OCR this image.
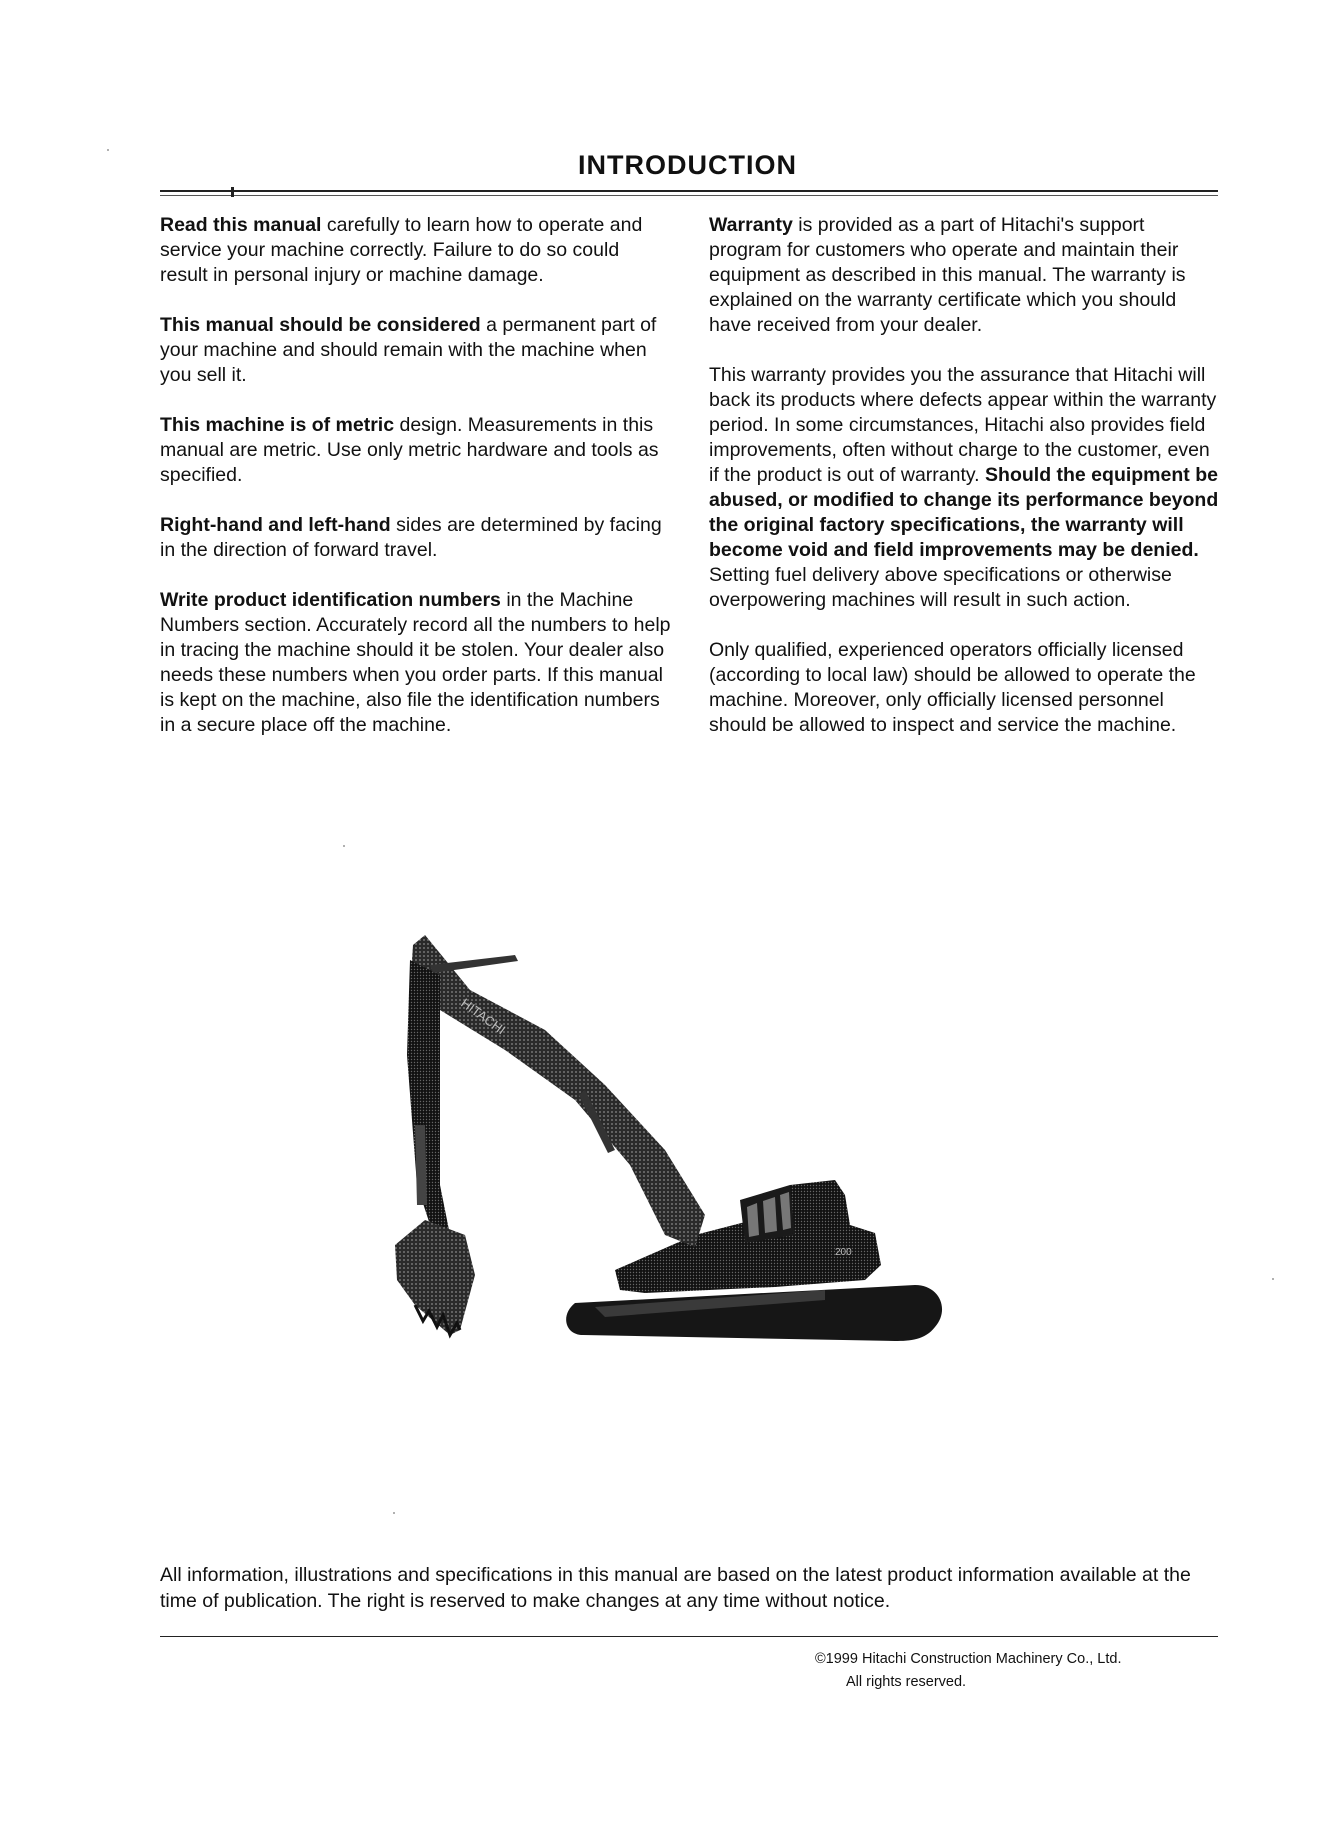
INTRODUCTION

Read this manual carefully to learn how to operate and service your machine correctly. Failure to do so could result in personal injury or machine damage.

This manual should be considered a permanent part of your machine and should remain with the machine when you sell it.

This machine is of metric design. Measurements in this manual are metric. Use only metric hardware and tools as specified.

Right-hand and left-hand sides are determined by facing in the direction of forward travel.

Write product identification numbers in the Machine Numbers section. Accurately record all the numbers to help in tracing the machine should it be stolen. Your dealer also needs these numbers when you order parts. If this manual is kept on the machine, also file the identification numbers in a secure place off the machine.

Warranty is provided as a part of Hitachi's support program for customers who operate and maintain their equipment as described in this manual. The warranty is explained on the warranty certificate which you should have received from your dealer.

This warranty provides you the assurance that Hitachi will back its products where defects appear within the warranty period. In some circumstances, Hitachi also provides field improvements, often without charge to the customer, even if the product is out of warranty. Should the equipment be abused, or modified to change its performance beyond the original factory specifications, the warranty will become void and field improvements may be denied. Setting fuel delivery above specifications or otherwise overpowering machines will result in such action.

Only qualified, experienced operators officially licensed (according to local law) should be allowed to operate the machine. Moreover, only officially licensed personnel should be allowed to inspect and service the machine.

HITACHI
200
All information, illustrations and specifications in this manual are based on the latest product information available at the time of publication. The right is reserved to make changes at any time without notice.
©1999 Hitachi Construction Machinery Co., Ltd.
All rights reserved.
